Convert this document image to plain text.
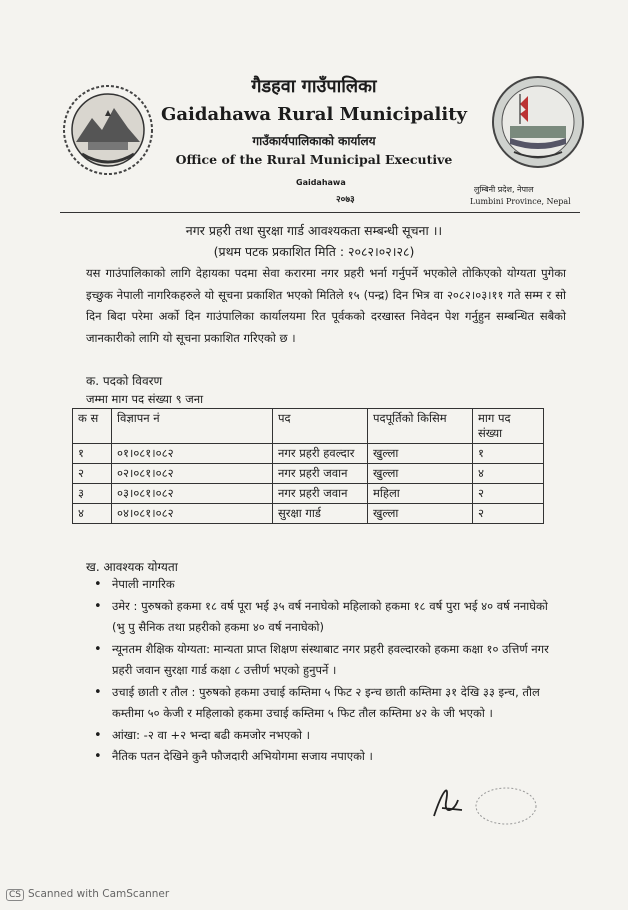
गैडहवा गाउँपालिका
Gaidahawa Rural Municipality
गाउँकार्यपालिकाको कार्यालय
Office of the Rural Municipal Executive
Gaidahawa
२०७३
लुम्बिनी प्रदेश, नेपाल
Lumbini Province, Nepal
नगर प्रहरी तथा सुरक्षा गार्ड आवश्यकता सम्बन्धी सूचना ।।
(प्रथम पटक प्रकाशित मिति : २०८२।०२।२८)
यस गाउंपालिकाको लागि देहायका पदमा सेवा करारमा नगर प्रहरी भर्ना गर्नुपर्ने भएकोले तोकिएको योग्यता पुगेका इच्छुक नेपाली नागरिकहरुले यो सूचना प्रकाशित भएको मितिले १५ (पन्द्र) दिन भित्र वा २०८२।०३।११ गते सम्म र सो दिन बिदा परेमा अर्को दिन गाउंपालिका कार्यालयमा रित पूर्वकको दरखास्त निवेदन पेश गर्नुहुन सम्बन्धित सबैको जानकारीको लागि यो सूचना प्रकाशित गरिएको छ ।
क. पदको विवरण
जम्मा माग पद संख्या ९ जना
क स	विज्ञापन नं	पद	पदपूर्तिको किसिम	माग पद संख्या
१	०१।०८१।०८२	नगर प्रहरी हवल्दार	खुल्ला	१
२	०२।०८१।०८२	नगर प्रहरी जवान	खुल्ला	४
३	०३।०८१।०८२	नगर प्रहरी जवान	महिला	२
४	०४।०८१।०८२	सुरक्षा गार्ड	खुल्ला	२
ख. आवश्यक योग्यता
• नेपाली नागरिक
• उमेर : पुरुषको हकमा १८ वर्ष पूरा भई ३५ वर्ष ननाघेको महिलाको हकमा १८ वर्ष पुरा भई ४० वर्ष ननाघेको (भु पु सैनिक तथा प्रहरीको हकमा ४० वर्ष ननाघेको)
• न्यूनतम शैक्षिक योग्यता: मान्यता प्राप्त शिक्षण संस्थाबाट नगर प्रहरी हवल्दारको हकमा कक्षा १० उत्तिर्ण नगर प्रहरी जवान सुरक्षा गार्ड कक्षा ८ उत्तीर्ण भएको हुनुपर्ने ।
• उचाई छाती र तौल : पुरुषको हकमा उचाई कम्तिमा ५ फिट २ इन्च छाती कम्तिमा ३१ देखि ३३ इन्च, तौल कम्तीमा ५० केजी र महिलाको हकमा उचाई कम्तिमा ५ फिट तौल कम्तिमा ४२ के जी भएको ।
• आंखा: -२ वा +२ भन्दा बढी कमजोर नभएको ।
• नैतिक पतन देखिने कुनै फौजदारी अभियोगमा सजाय नपाएको ।
CS Scanned with CamScanner
